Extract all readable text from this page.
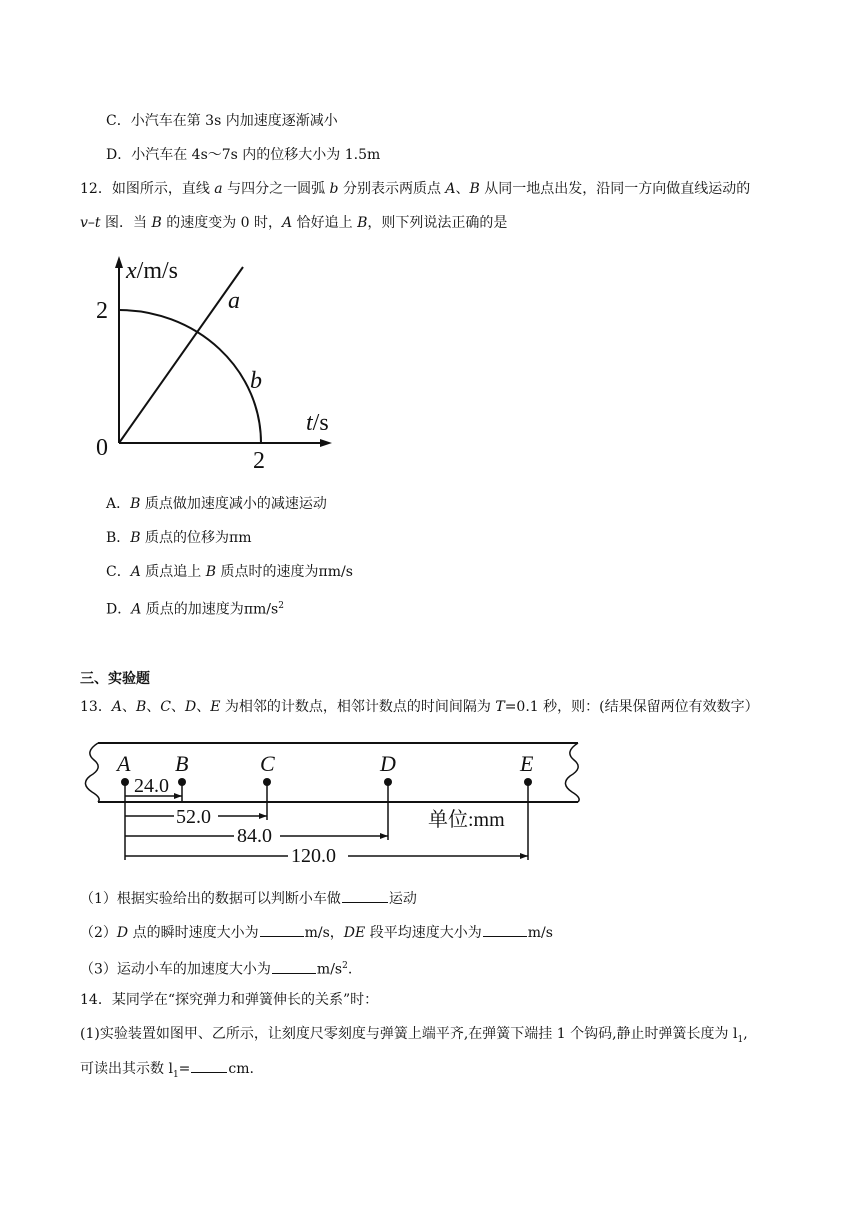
C．小汽车在第 3s 内加速度逐渐减小
D．小汽车在 4s～7s 内的位移大小为 1.5m
12．如图所示，直线 a 与四分之一圆弧 b 分别表示两质点 A、B 从同一地点出发，沿同一方向做直线运动的
v–t 图．当 B 的速度变为 0 时，A 恰好追上 B，则下列说法正确的是
x/m/s
t/s
2
0	2
a
b
A．B 质点做加速度减小的减速运动
B．B 质点的位移为πm
C．A 质点追上 B 质点时的速度为πm/s
D．A 质点的加速度为$\pi m/s^2$
三、实验题
13．A、B、C、D、E 为相邻的计数点，相邻计数点的时间间隔为 T=0.1 秒，则：(结果保留两位有效数字）
A B	C	D	E
24.0
52.0
84.0
120.0
单位:mm
（1）根据实验给出的数据可以判断小车做	运动
（2）D 点的瞬时速度大小为	m/s，DE 段平均速度大小为	m/s
（3）运动小车的加速度大小为	$m/s^2$.
14．某同学在“探究弹力和弹簧伸长的关系”时：
(1)实验装置如图甲、乙所示，让刻度尺零刻度与弹簧上端平齐,在弹簧下端挂 1 个钩码,静止时弹簧长度为 $l_1$,
可读出其示数 $l_1=$	cm.
